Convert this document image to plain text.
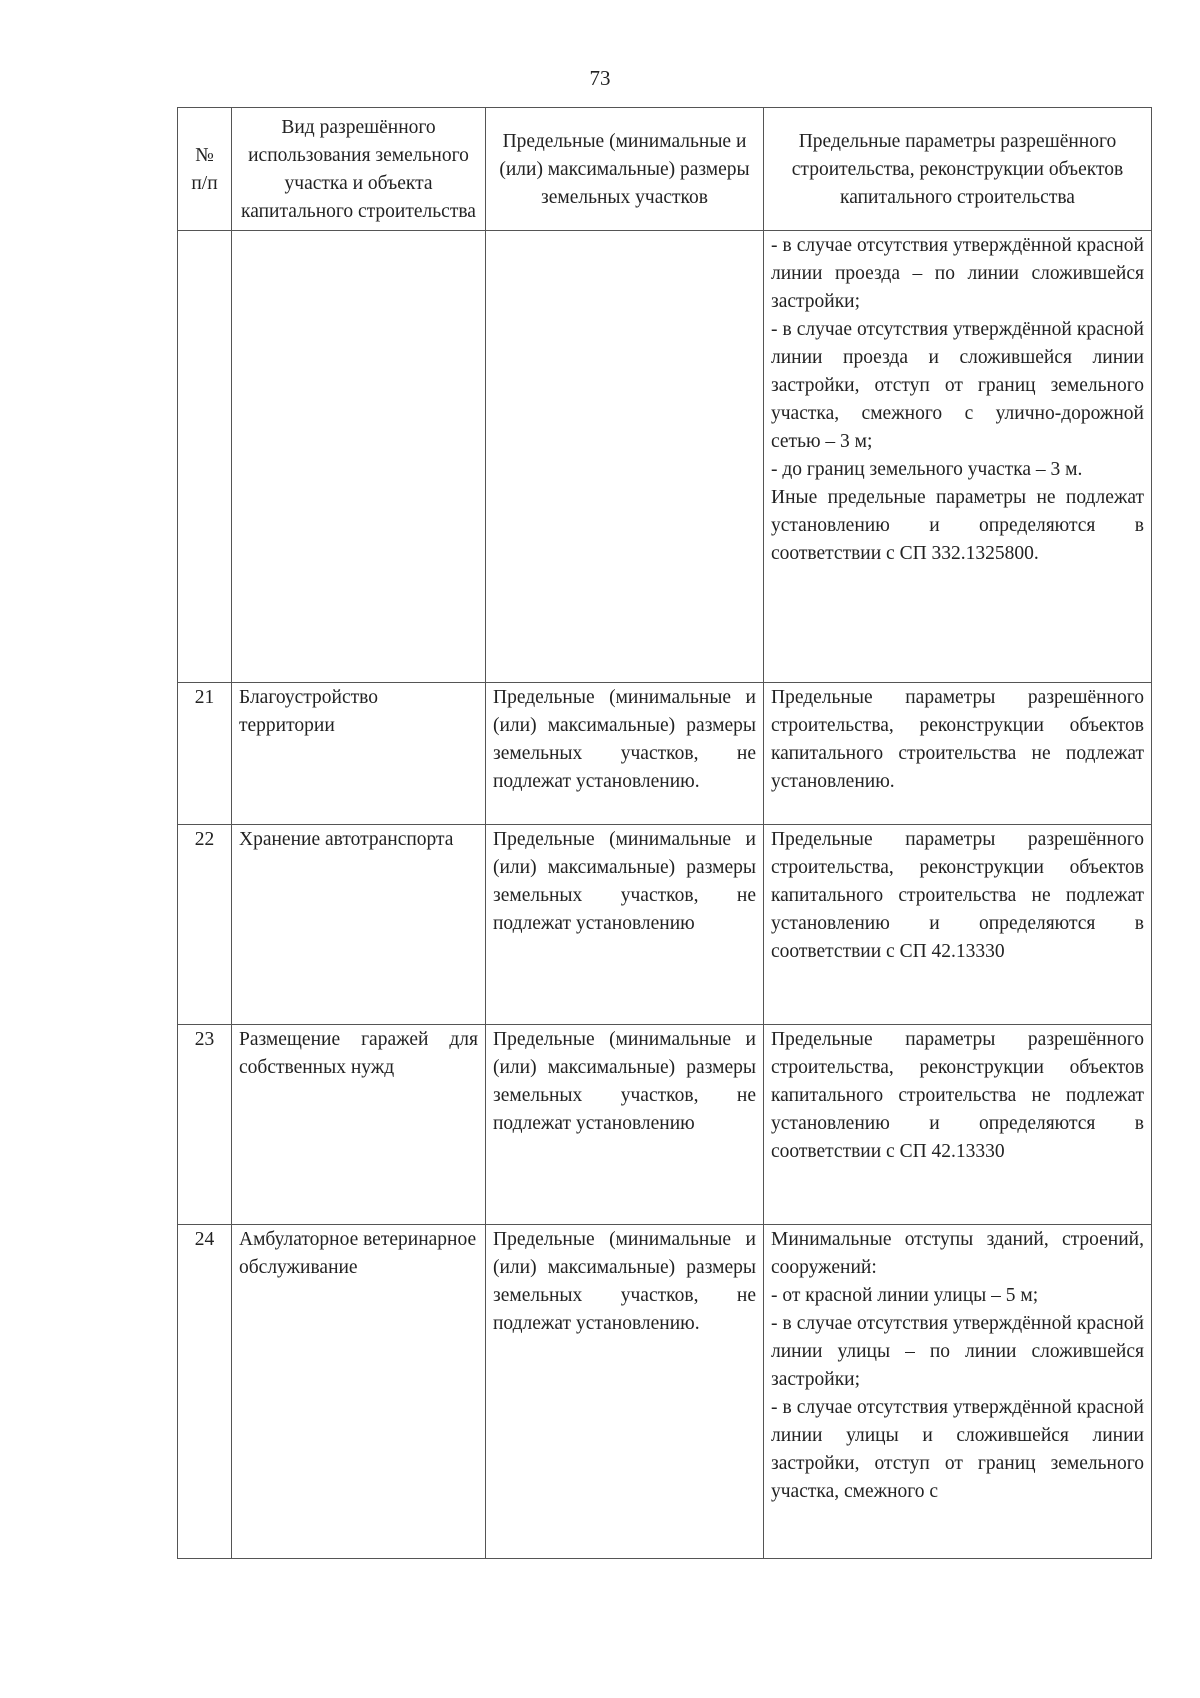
73
№ п/п	Вид разрешённого использования земельного участка и объекта капитального строительства	Предельные (минимальные и (или) максимальные) размеры земельных участков	Предельные параметры разрешённого строительства, реконструкции объектов капитального строительства

			- в случае отсутствия утверждённой красной линии проезда – по линии сложившейся застройки;
- в случае отсутствия утверждённой красной линии проезда и сложившейся линии застройки, отступ от границ земельного участка, смежного с улично-дорожной сетью – 3 м;
- до границ земельного участка – 3 м.
Иные предельные параметры не подлежат установлению и определяются в соответствии с СП 332.1325800.

21	Благоустройство территории	Предельные (минимальные и (или) максимальные) размеры земельных участков, не подлежат установлению.	Предельные параметры разрешённого строительства, реконструкции объектов капитального строительства не подлежат установлению.

22	Хранение автотранспорта	Предельные (минимальные и (или) максимальные) размеры земельных участков, не подлежат установлению	Предельные параметры разрешённого строительства, реконструкции объектов капитального строительства не подлежат установлению и определяются в соответствии с СП 42.13330

23	Размещение гаражей для собственных нужд	Предельные (минимальные и (или) максимальные) размеры земельных участков, не подлежат установлению	Предельные параметры разрешённого строительства, реконструкции объектов капитального строительства не подлежат установлению и определяются в соответствии с СП 42.13330

24	Амбулаторное ветеринарное обслуживание	Предельные (минимальные и (или) максимальные) размеры земельных участков, не подлежат установлению.	Минимальные отступы зданий, строений, сооружений:
- от красной линии улицы – 5 м;
- в случае отсутствия утверждённой красной линии улицы – по линии сложившейся застройки;
- в случае отсутствия утверждённой красной линии улицы и сложившейся линии застройки, отступ от границ земельного участка, смежного с
